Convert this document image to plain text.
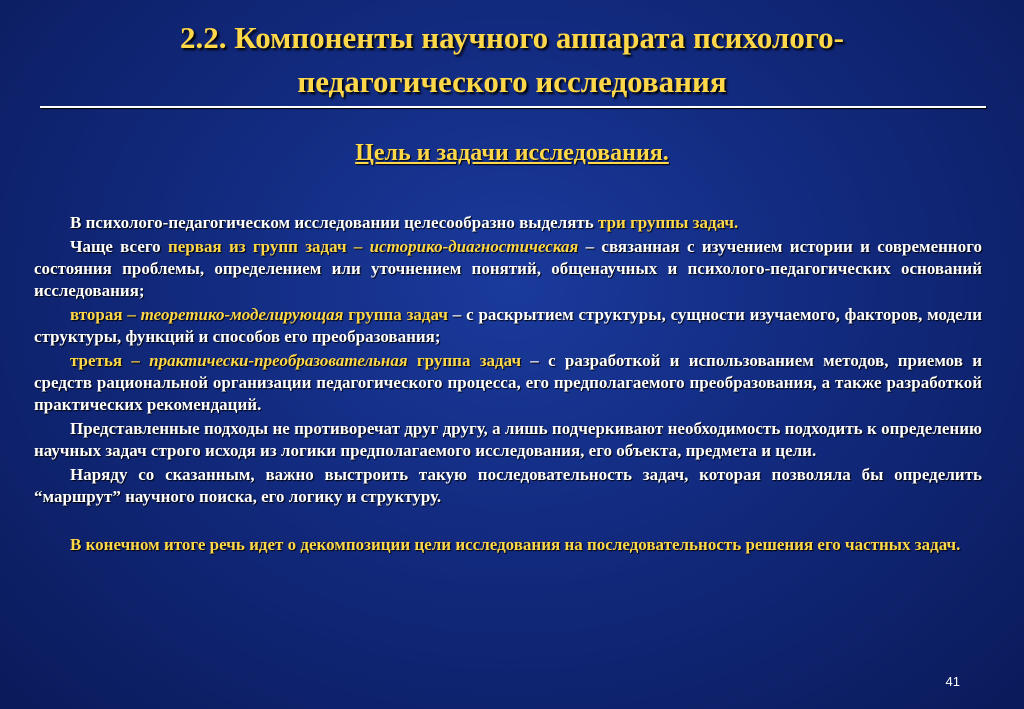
2.2. Компоненты научного аппарата психолого-
педагогического исследования
Цель и задачи исследования.

В психолого-педагогическом исследовании целесообразно выделять три группы задач.

Чаще всего первая из групп задач – историко-диагностическая – связанная с изучением истории и современного состояния проблемы, определением или уточнением понятий, общенаучных и психолого-педагогических оснований исследования;

вторая – теоретико-моделирующая группа задач – с раскрытием структуры, сущности изучаемого, факторов, модели структуры, функций и способов его преобразования;

третья – практически-преобразовательная группа задач – с разработкой и использованием методов, приемов и средств рациональной организации педагогического процесса, его предполагаемого преобразования, а также разработкой практических рекомендаций.

Представленные подходы не противоречат друг другу, а лишь подчеркивают необходимость подходить к определению научных задач строго исходя из логики предполагаемого исследования, его объекта, предмета и цели.

Наряду со сказанным, важно выстроить такую последовательность задач, которая позволяла бы определить “маршрут” научного поиска, его логику и структуру.

В конечном итоге речь идет о декомпозиции цели исследования на последовательность решения его частных задач.

41
